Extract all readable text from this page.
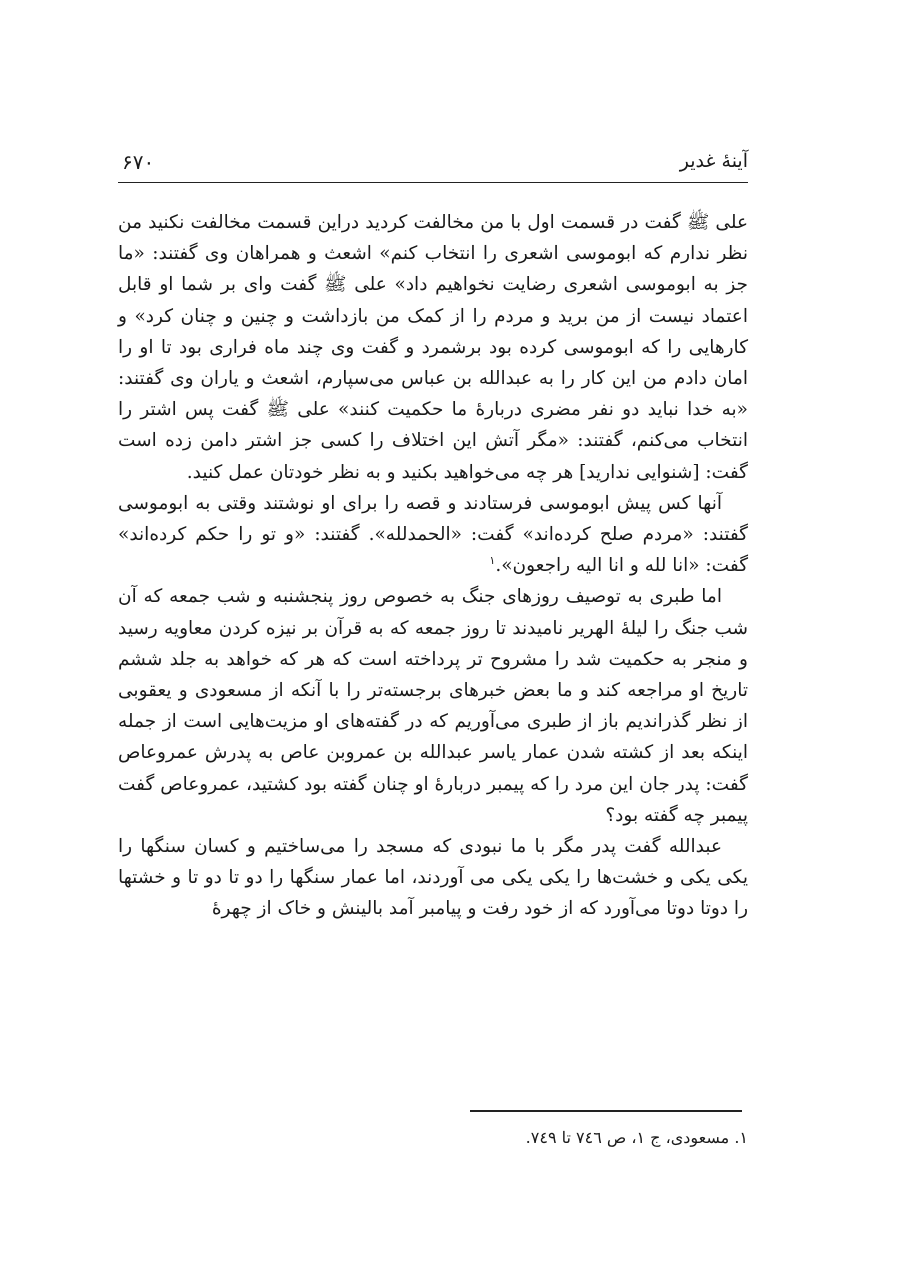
آینهٔ غدیر
۶۷۰

علی ﷺ گفت در قسمت اول با من مخالفت کردید دراین قسمت مخالفت نکنید من نظر ندارم که ابوموسی اشعری را انتخاب کنم» اشعث و همراهان وی گفتند: «ما جز به ابوموسی اشعری رضایت نخواهیم داد» علی ﷺ گفت وای بر شما او قابل اعتماد نیست از من برید و مردم را از کمک من بازداشت و چنین و چنان کرد» و کارهایی را که ابوموسی کرده بود برشمرد و گفت وی چند ماه فراری بود تا او را امان دادم من این کار را به عبدالله بن عباس می‌سپارم، اشعث و یاران وی گفتند: «به خدا نباید دو نفر مضری دربارهٔ ما حکمیت کنند» علی ﷺ گفت پس اشتر را انتخاب می‌کنم، گفتند: «مگر آتش این اختلاف را کسی جز اشتر دامن زده است گفت: [شنوایی ندارید] هر چه می‌خواهید بکنید و به نظر خودتان عمل کنید.

آنها کس پیش ابوموسی فرستادند و قصه را برای او نوشتند وقتی به ابوموسی گفتند: «مردم صلح کرده‌اند» گفت: «الحمدلله». گفتند: «و تو را حکم کرده‌اند» گفت: «انا لله و انا الیه راجعون».$^۱$

اما طبری به توصیف روزهای جنگ به خصوص روز پنجشنبه و شب جمعه که آن شب جنگ را لیلهٔ الهریر نامیدند تا روز جمعه که به قرآن بر نیزه کردن معاویه رسید و منجر به حکمیت شد را مشروح تر پرداخته است که هر که خواهد به جلد ششم تاریخ او مراجعه کند و ما بعض خبرهای برجسته‌تر را با آنکه از مسعودی و یعقوبی از نظر گذراندیم باز از طبری می‌آوریم که در گفته‌های او مزیت‌هایی است از جمله اینکه بعد از کشته شدن عمار یاسر عبدالله بن عمروبن عاص به پدرش عمروعاص گفت: پدر جان این مرد را که پیمبر دربارهٔ او چنان گفته بود کشتید، عمروعاص گفت پیمبر چه گفته بود؟

عبدالله گفت پدر مگر با ما نبودی که مسجد را می‌ساختیم و کسان سنگها را یکی یکی و خشت‌ها را یکی یکی می آوردند، اما عمار سنگها را دو تا دو تا و خشتها را دوتا دوتا می‌آورد که از خود رفت و پیامبر آمد بالینش و خاک از چهرهٔ

۱. مسعودی، ج ۱، ص ۷٤٦ تا ۷٤۹.
